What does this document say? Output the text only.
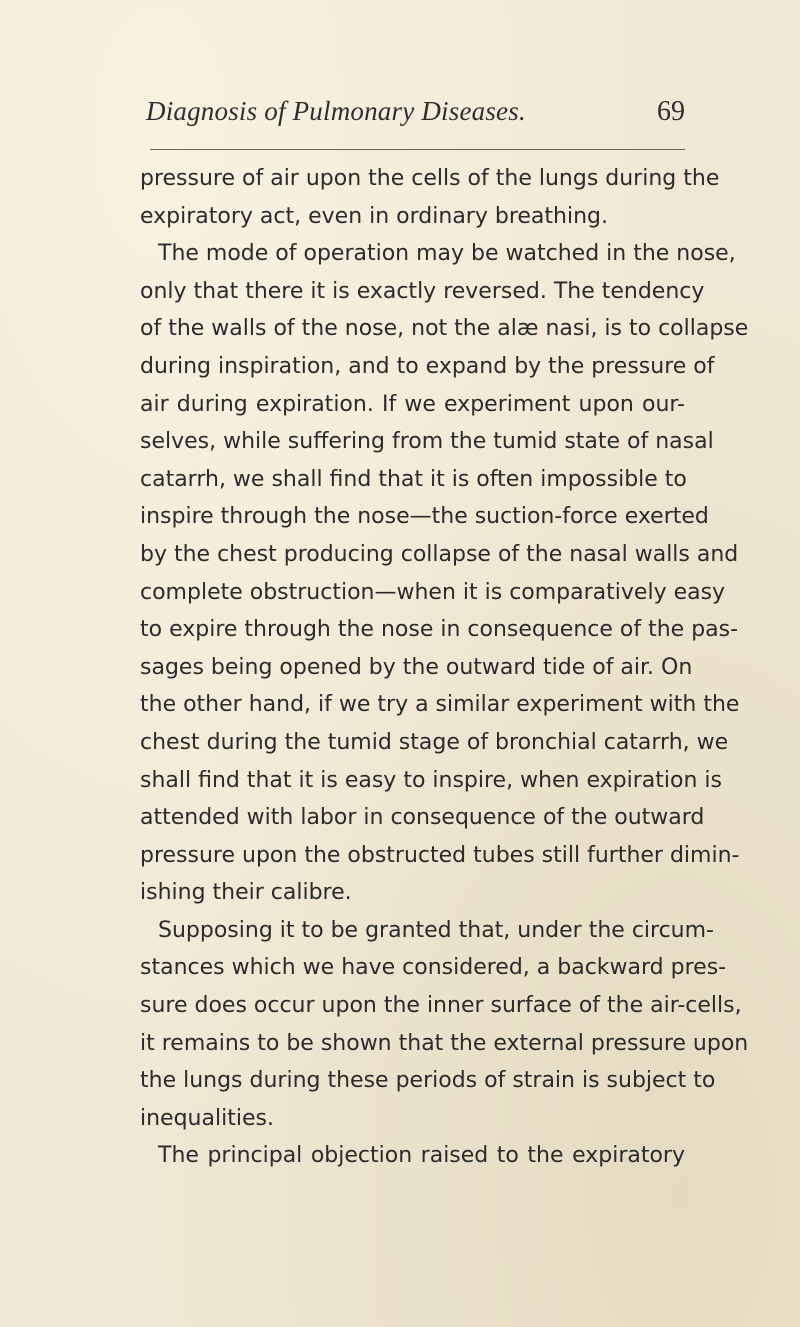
Diagnosis of Pulmonary Diseases.	69
pressure of air upon the cells of the lungs during the
expiratory act, even in ordinary breathing.
The mode of operation may be watched in the nose,
only that there it is exactly reversed. The tendency
of the walls of the nose, not the alæ nasi, is to collapse
during inspiration, and to expand by the pressure of
air during expiration. If we experiment upon our-
selves, while suffering from the tumid state of nasal
catarrh, we shall find that it is often impossible to
inspire through the nose—the suction-force exerted
by the chest producing collapse of the nasal walls and
complete obstruction—when it is comparatively easy
to expire through the nose in consequence of the pas-
sages being opened by the outward tide of air. On
the other hand, if we try a similar experiment with the
chest during the tumid stage of bronchial catarrh, we
shall find that it is easy to inspire, when expiration is
attended with labor in consequence of the outward
pressure upon the obstructed tubes still further dimin-
ishing their calibre.
Supposing it to be granted that, under the circum-
stances which we have considered, a backward pres-
sure does occur upon the inner surface of the air-cells,
it remains to be shown that the external pressure upon
the lungs during these periods of strain is subject to
inequalities.
The principal objection raised to the expiratory
